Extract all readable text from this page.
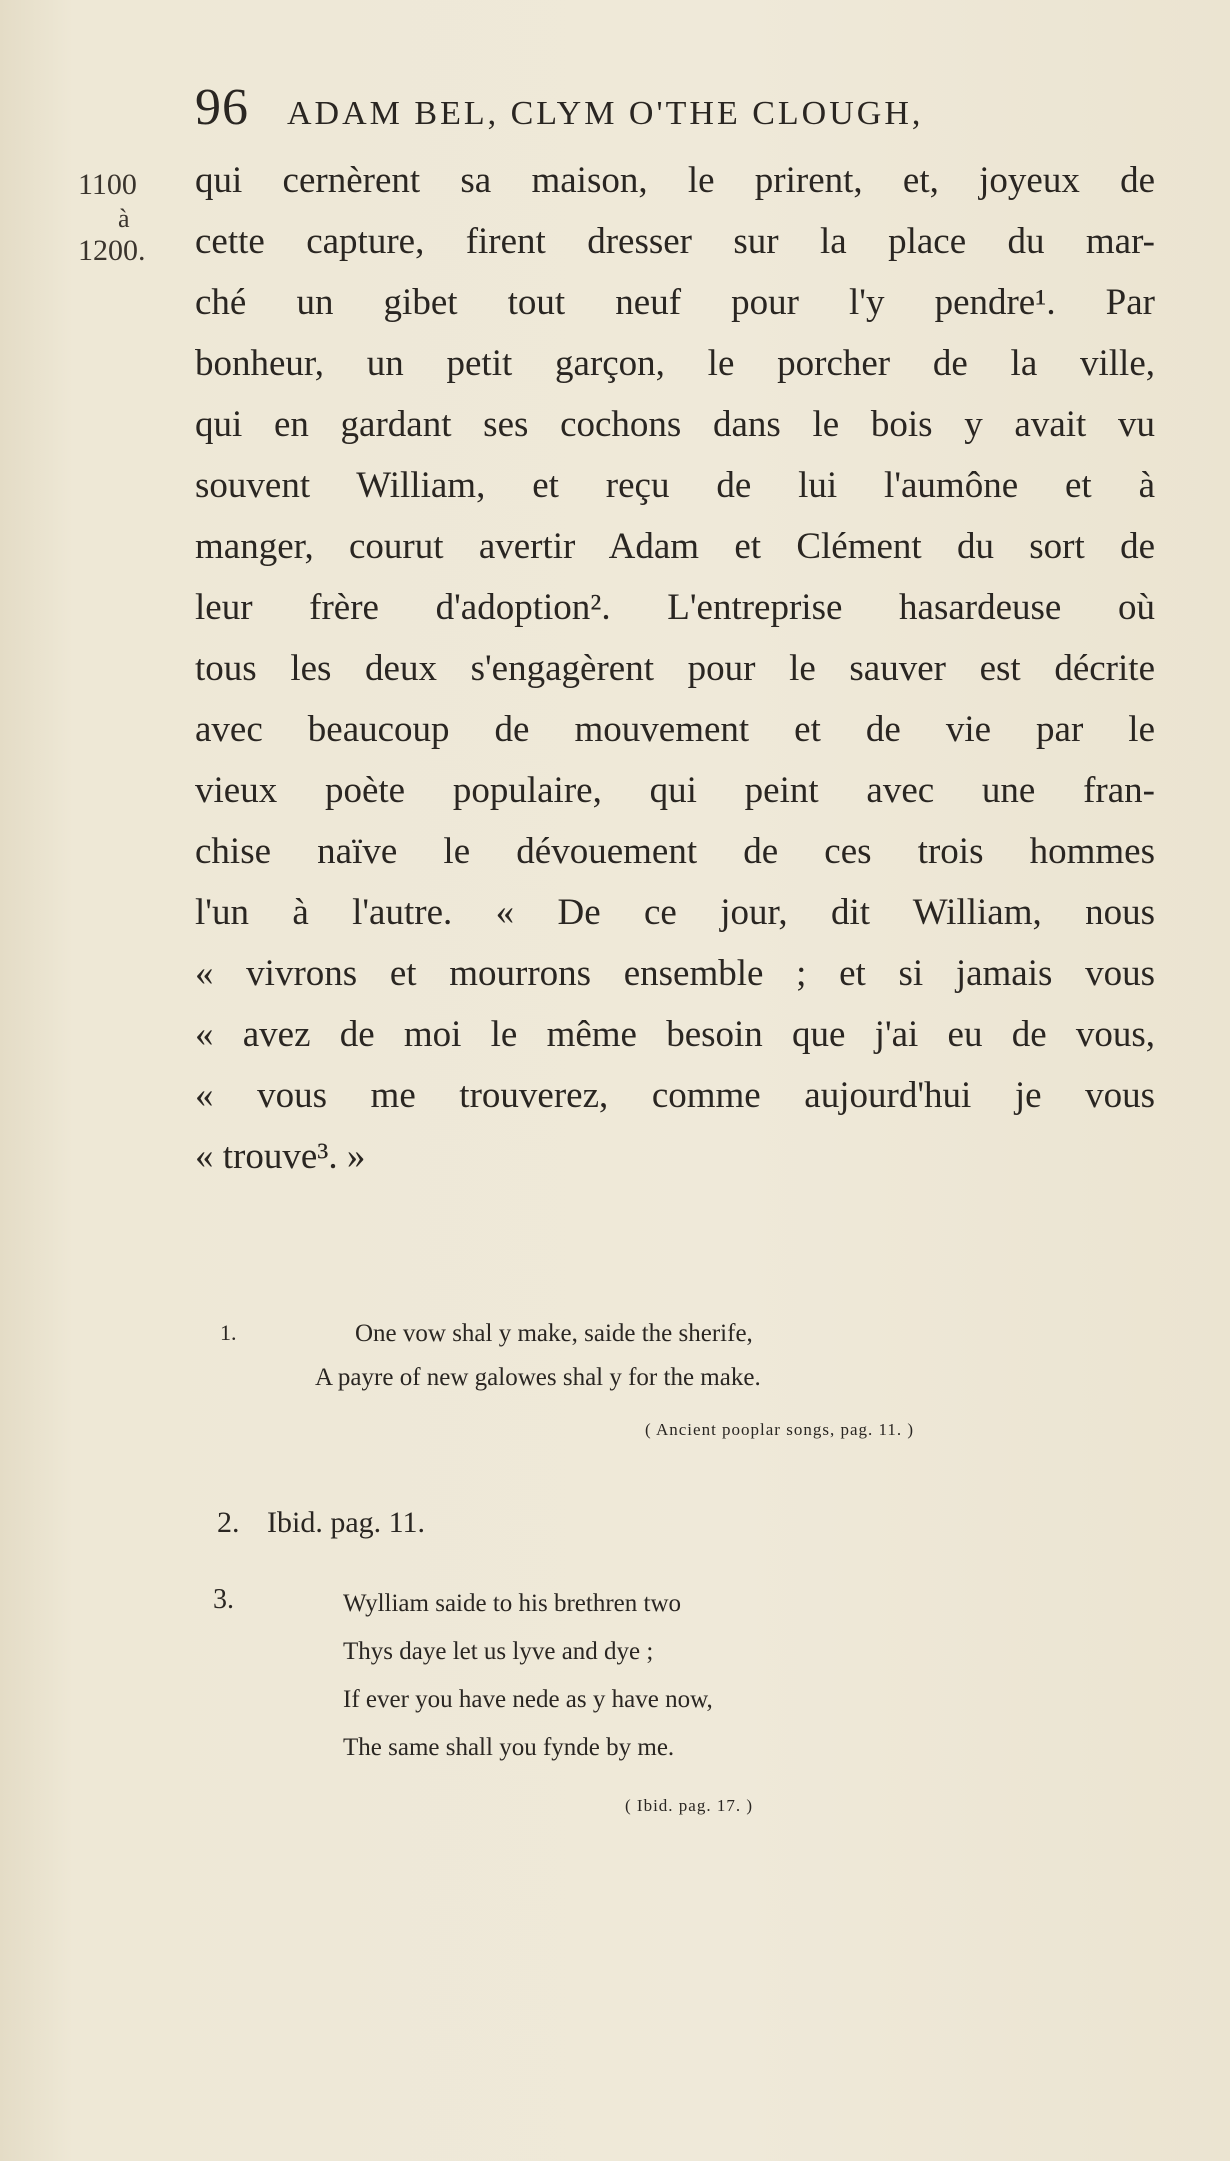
96 ADAM BEL, CLYM O'THE CLOUGH,
1100
à
1200.
qui cernèrent sa maison, le prirent, et, joyeux de
cette capture, firent dresser sur la place du mar-
ché un gibet tout neuf pour l'y pendre¹. Par
bonheur, un petit garçon, le porcher de la ville,
qui en gardant ses cochons dans le bois y avait vu
souvent William, et reçu de lui l'aumône et à
manger, courut avertir Adam et Clément du sort de
leur frère d'adoption². L'entreprise hasardeuse où
tous les deux s'engagèrent pour le sauver est décrite
avec beaucoup de mouvement et de vie par le
vieux poète populaire, qui peint avec une fran-
chise naïve le dévouement de ces trois hommes
l'un à l'autre. « De ce jour, dit William, nous
« vivrons et mourrons ensemble ; et si jamais vous
« avez de moi le même besoin que j'ai eu de vous,
« vous me trouverez, comme aujourd'hui je vous
« trouve³. »
1.	One vow shal y make, saide the sherife,
A payre of new galowes shal y for the make.
( Ancient pooplar songs, pag. 11. )
2. Ibid. pag. 11.
3.	Wylliam saide to his brethren two
Thys daye let us lyve and dye ;
If ever you have nede as y have now,
The same shall you fynde by me.
( Ibid. pag. 17. )
